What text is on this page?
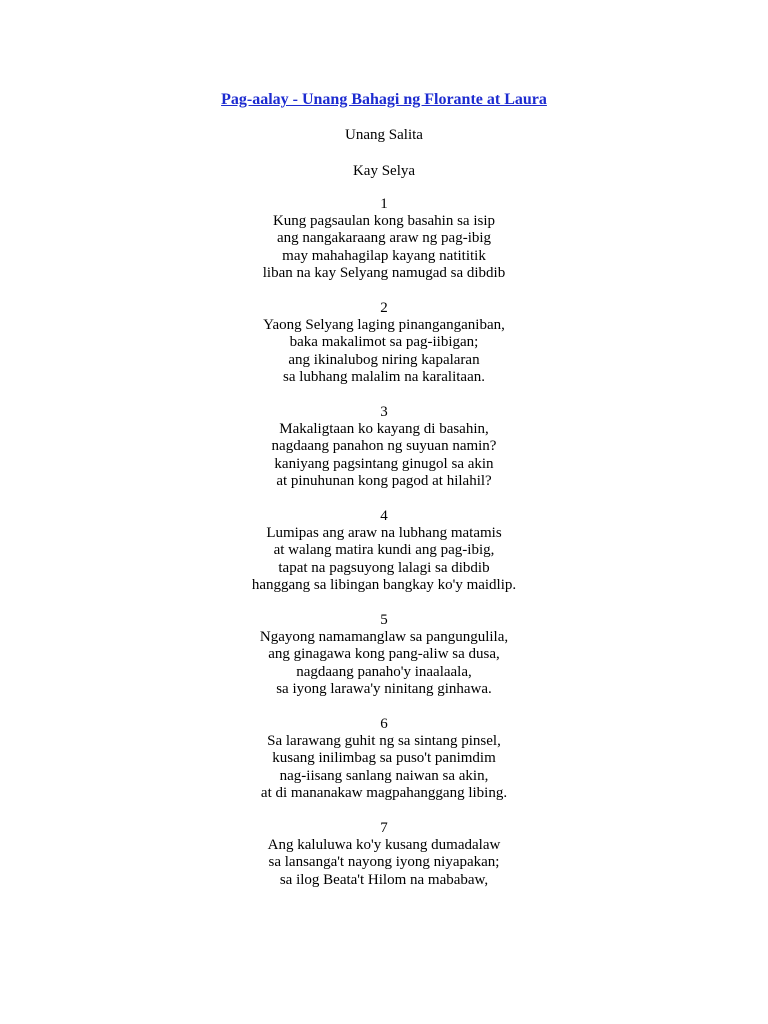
Pag-aalay - Unang Bahagi ng Florante at Laura
Unang Salita
Kay Selya
1
Kung pagsaulan kong basahin sa isip
ang nangakaraang araw ng pag-ibig
may mahahagilap kayang natititik
liban na kay Selyang namugad sa dibdib
2
Yaong Selyang laging pinanganganiban,
baka makalimot sa pag-iibigan;
ang ikinalubog niring kapalaran
sa lubhang malalim na karalitaan.
3
Makaligtaan ko kayang di basahin,
nagdaang panahon ng suyuan namin?
kaniyang pagsintang ginugol sa akin
at pinuhunan kong pagod at hilahil?
4
Lumipas ang araw na lubhang matamis
at walang matira kundi ang pag-ibig,
tapat na pagsuyong lalagi sa dibdib
hanggang sa libingan bangkay ko'y maidlip.
5
Ngayong namamanglaw sa pangungulila,
ang ginagawa kong pang-aliw sa dusa,
nagdaang panaho'y inaalaala,
sa iyong larawa'y ninitang ginhawa.
6
Sa larawang guhit ng sa sintang pinsel,
kusang inilimbag sa puso't panimdim
nag-iisang sanlang naiwan sa akin,
at di mananakaw magpahanggang libing.
7
Ang kaluluwa ko'y kusang dumadalaw
sa lansanga't nayong iyong niyapakan;
sa ilog Beata't Hilom na mababaw,
